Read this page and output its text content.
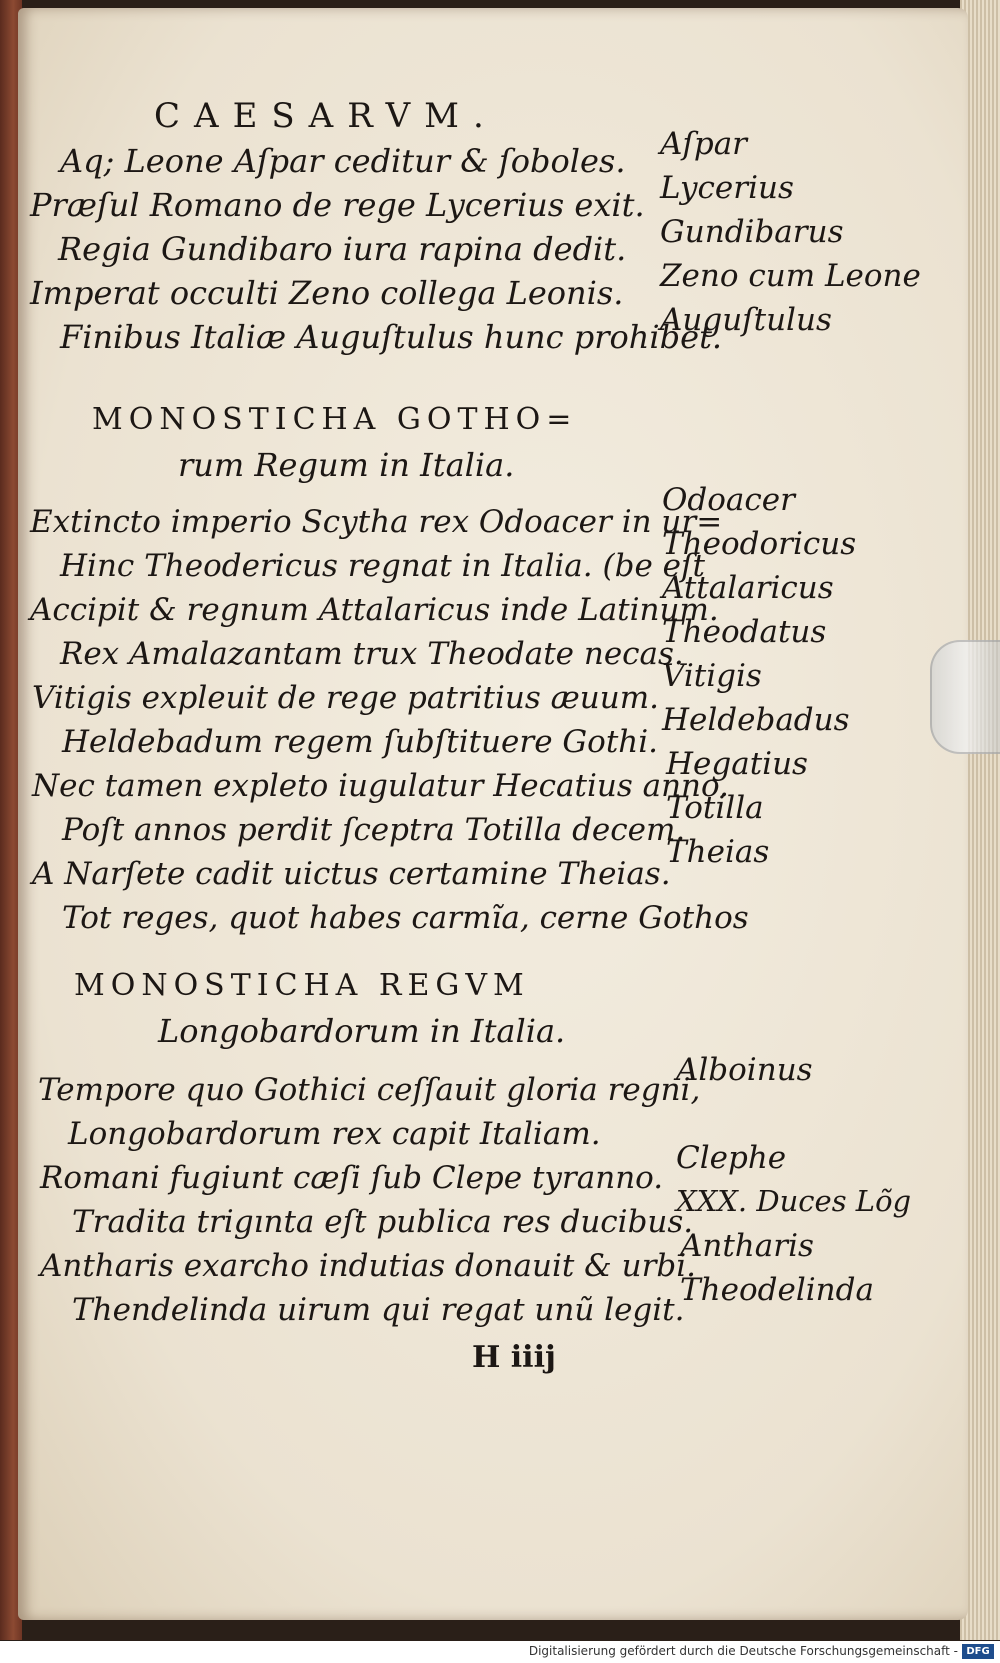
CAESARVM.
Aq; Leone Aſpar ceditur & ſoboles.
Præſul Romano de rege Lycerius exit.
Regia Gundibaro iura rapina dedit.
Imperat occulti Zeno collega Leonis.
Finibus Italiæ Auguſtulus hunc prohibet.
Aſpar
Lycerius
Gundibarus
Zeno cum Leone
Auguſtulus
MONOSTICHA GOTHO=
rum Regum in Italia.
Extincto imperio Scytha rex Odoacer in ur=
Hinc Theodericus regnat in Italia. (be eſt
Accipit & regnum Attalaricus inde Latinum.
Rex Amalazantam trux Theodate necas.
Vitigis expleuit de rege patritius æuum.
Heldebadum regem ſubſtituere Gothi.
Nec tamen expleto iugulatur Hecatius anno.
Poſt annos perdit ſceptra Totilla decem.
A Narſete cadit uictus certamine Theias.
Tot reges, quot habes carmĩa, cerne Gothos
Odoacer
Theodoricus
Attalaricus
Theodatus
Vitigis
Heldebadus
Hegatius
Totilla
Theias
MONOSTICHA REGVM
Longobardorum in Italia.
Tempore quo Gothici ceſſauit gloria regni,
Longobardorum rex capit Italiam.
Romani fugiunt cæſi ſub Clepe tyranno.
Tradita trigınta eſt publica res ducibus.
Antharis exarcho indutias donauit & urbi.
Thendelinda uirum qui regat unũ legit.
Alboinus
Clephe
XXX. Duces Lõg
Antharis
Theodelinda
H iiij
Digitalisierung gefördert durch die Deutsche Forschungsgemeinschaft - DFG
